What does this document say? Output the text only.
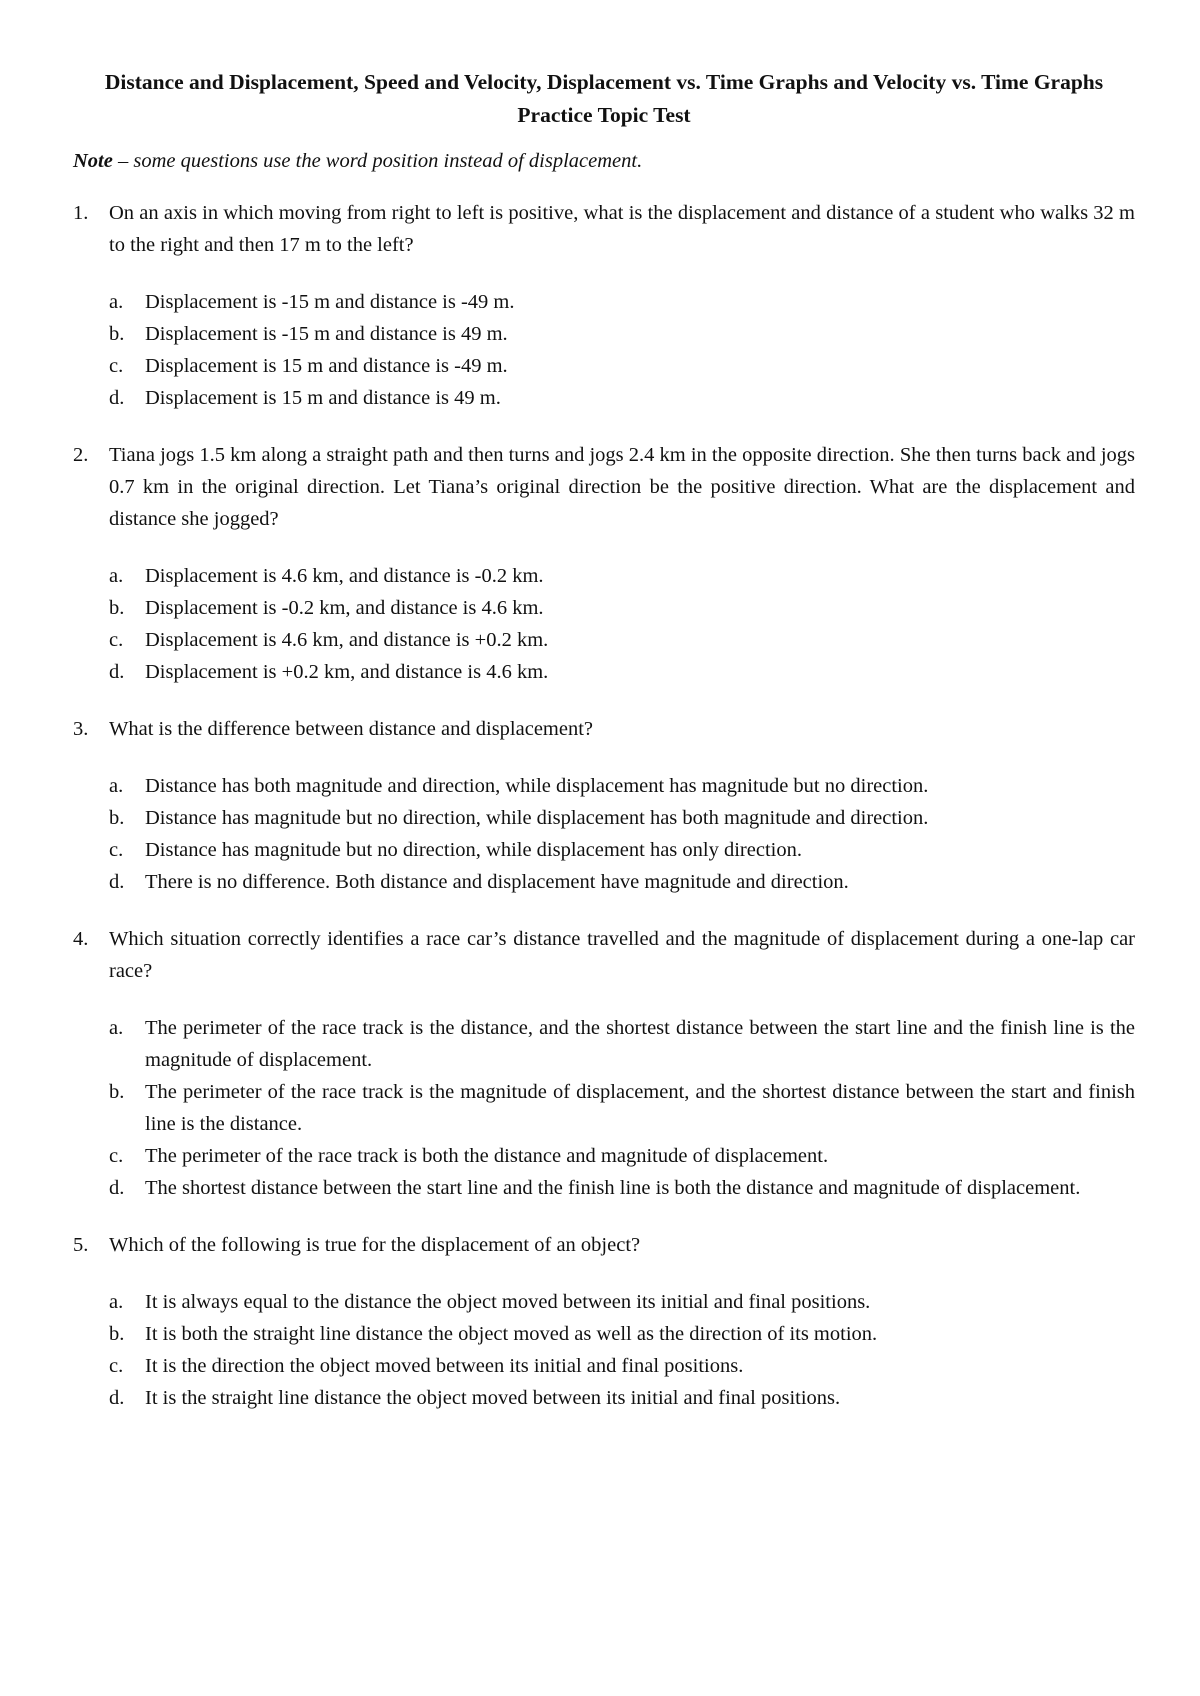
Distance and Displacement, Speed and Velocity, Displacement vs. Time Graphs and Velocity vs. Time Graphs Practice Topic Test
Note – some questions use the word position instead of displacement.
1. On an axis in which moving from right to left is positive, what is the displacement and distance of a student who walks 32 m to the right and then 17 m to the left?
a. Displacement is -15 m and distance is -49 m.
b. Displacement is -15 m and distance is 49 m.
c. Displacement is 15 m and distance is -49 m.
d. Displacement is 15 m and distance is 49 m.
2. Tiana jogs 1.5 km along a straight path and then turns and jogs 2.4 km in the opposite direction. She then turns back and jogs 0.7 km in the original direction. Let Tiana’s original direction be the positive direction. What are the displacement and distance she jogged?
a. Displacement is 4.6 km, and distance is -0.2 km.
b. Displacement is -0.2 km, and distance is 4.6 km.
c. Displacement is 4.6 km, and distance is +0.2 km.
d. Displacement is +0.2 km, and distance is 4.6 km.
3. What is the difference between distance and displacement?
a. Distance has both magnitude and direction, while displacement has magnitude but no direction.
b. Distance has magnitude but no direction, while displacement has both magnitude and direction.
c. Distance has magnitude but no direction, while displacement has only direction.
d. There is no difference. Both distance and displacement have magnitude and direction.
4. Which situation correctly identifies a race car’s distance travelled and the magnitude of displacement during a one-lap car race?
a. The perimeter of the race track is the distance, and the shortest distance between the start line and the finish line is the magnitude of displacement.
b. The perimeter of the race track is the magnitude of displacement, and the shortest distance between the start and finish line is the distance.
c. The perimeter of the race track is both the distance and magnitude of displacement.
d. The shortest distance between the start line and the finish line is both the distance and magnitude of displacement.
5. Which of the following is true for the displacement of an object?
a. It is always equal to the distance the object moved between its initial and final positions.
b. It is both the straight line distance the object moved as well as the direction of its motion.
c. It is the direction the object moved between its initial and final positions.
d. It is the straight line distance the object moved between its initial and final positions.
